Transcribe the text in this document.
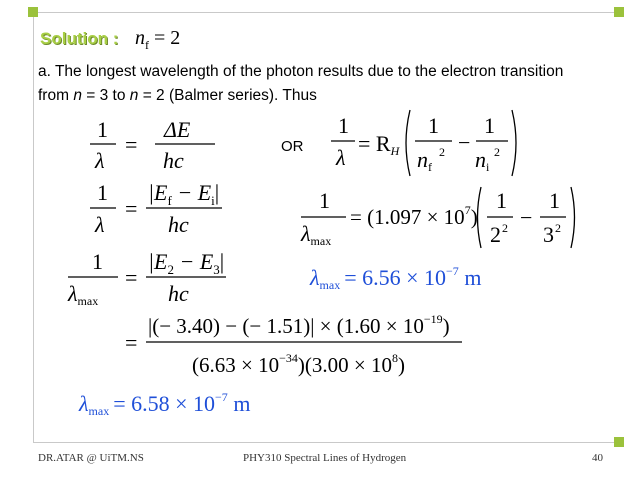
Solution : $n_f = 2$
a. The longest wavelength of the photon results due to the electron transition from n = 3 to n = 2 (Balmer series). Thus
OR
1
λ
=
ΔE
hc
1
λ
=
$|E_f - E_i|$
hc
1
λmax
=
$|E_2 - E_3|$
hc
=
|(− 3.40) − (− $1.51)| \times (1.60 \times 10^{-19})$
$(6.63 \times 10^{-34})(3.00 \times 10^8)$
$\lambda\max = 6.58 \times 10^{-7}$ m
1
λ
= RH
1
nf
2 −
1
ni
2
1
λmax
= $(1.097 \times 10^7)$
1
2 2 −
1
3 2
$\lambda\max = 6.56 \times 10^{-7}$ m
DR.ATAR @ UiTM.NS	PHY310 Spectral Lines of Hydrogen	40
